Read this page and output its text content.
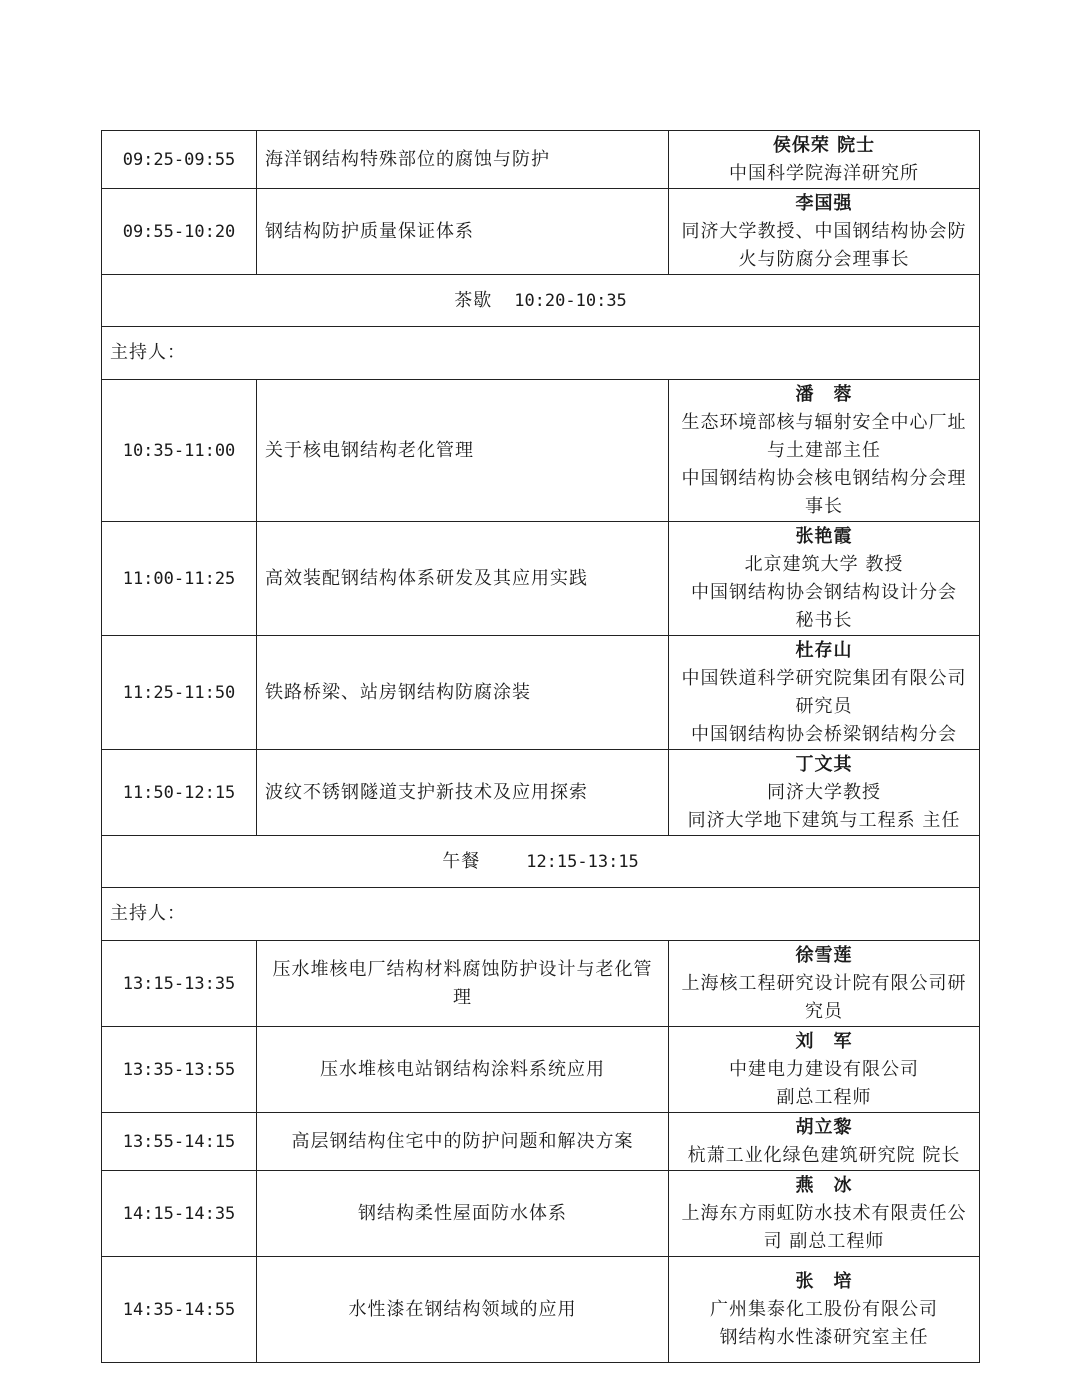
09:25-09:55	海洋钢结构特殊部位的腐蚀与防护	侯保荣 院士
中国科学院海洋研究所

09:55-10:20	钢结构防护质量保证体系	李国强
同济大学教授、中国钢结构协会防
火与防腐分会理事长

茶歇 10:20-10:35		
主持人：		
10:35-11:00	关于核电钢结构老化管理	潘　蓉
生态环境部核与辐射安全中心厂址
与土建部主任
中国钢结构协会核电钢结构分会理
事长

11:00-11:25	高效装配钢结构体系研发及其应用实践	张艳霞
北京建筑大学 教授
中国钢结构协会钢结构设计分会
秘书长

11:25-11:50	铁路桥梁、站房钢结构防腐涂装	杜存山
中国铁道科学研究院集团有限公司
研究员
中国钢结构协会桥梁钢结构分会

11:50-12:15	波纹不锈钢隧道支护新技术及应用探索	丁文其
同济大学教授
同济大学地下建筑与工程系 主任

午餐 12:15-13:15		
主持人：		
13:15-13:35	压水堆核电厂结构材料腐蚀防护设计与老化管
理	徐雪莲
上海核工程研究设计院有限公司研
究员

13:35-13:55	压水堆核电站钢结构涂料系统应用	刘　军
中建电力建设有限公司
副总工程师

13:55-14:15	高层钢结构住宅中的防护问题和解决方案	胡立黎
杭萧工业化绿色建筑研究院 院长

14:15-14:35	钢结构柔性屋面防水体系	燕　冰
上海东方雨虹防水技术有限责任公
司 副总工程师

14:35-14:55	水性漆在钢结构领域的应用	张　培
广州集泰化工股份有限公司
钢结构水性漆研究室主任
